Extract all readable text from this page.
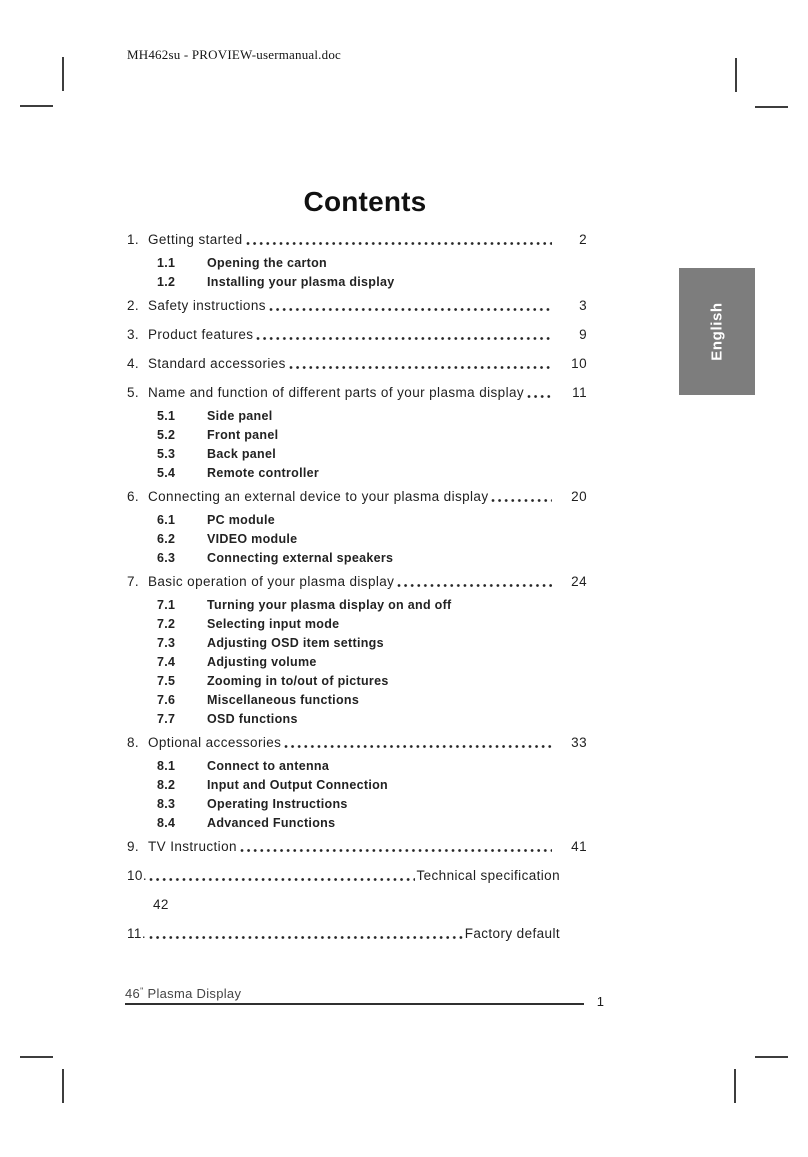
MH462su - PROVIEW-usermanual.doc
English
Contents
1. Getting started	2
1.1	Opening the carton
1.2	Installing your plasma display
2. Safety instructions	3
3. Product features	9
4. Standard accessories	10
5. Name and function of different parts of your plasma display	11
5.1	Side panel
5.2	Front panel
5.3	Back panel
5.4	Remote controller
6. Connecting an external device to your plasma display	20
6.1	PC module
6.2	VIDEO module
6.3	Connecting external speakers
7. Basic operation of your plasma display	24
7.1	Turning your plasma display on and off
7.2	Selecting input mode
7.3	Adjusting OSD item settings
7.4	Adjusting volume
7.5	Zooming in to/out of pictures
7.6	Miscellaneous functions
7.7	OSD functions
8. Optional accessories	33
8.1	Connect to antenna
8.2	Input and Output Connection
8.3	Operating Instructions
8.4	Advanced Functions
9. TV Instruction	41
10.	Technical specification
42
11.	Factory default
46" Plasma Display
1
